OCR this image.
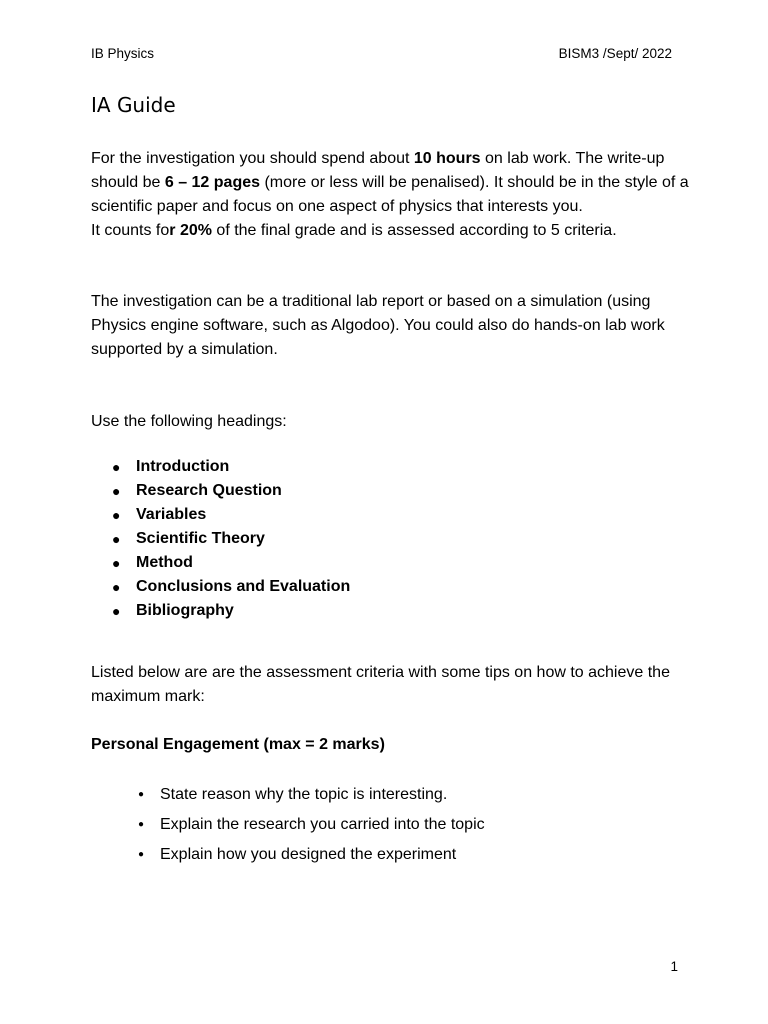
IB Physics	BISM3 /Sept/ 2022
IA Guide

For the investigation you should spend about 10 hours on lab work. The write-up should be 6 – 12 pages (more or less will be penalised). It should be in the style of a scientific paper and focus on one aspect of physics that interests you.
It counts for 20% of the final grade and is assessed according to 5 criteria.

The investigation can be a traditional lab report or based on a simulation (using Physics engine software, such as Algodoo). You could also do hands-on lab work supported by a simulation.

Use the following headings:

● Introduction
● Research Question
● Variables
● Scientific Theory
● Method
● Conclusions and Evaluation
● Bibliography

Listed below are are the assessment criteria with some tips on how to achieve the maximum mark:

Personal Engagement (max = 2 marks)
● State reason why the topic is interesting.
● Explain the research you carried into the topic
● Explain how you designed the experiment
1
